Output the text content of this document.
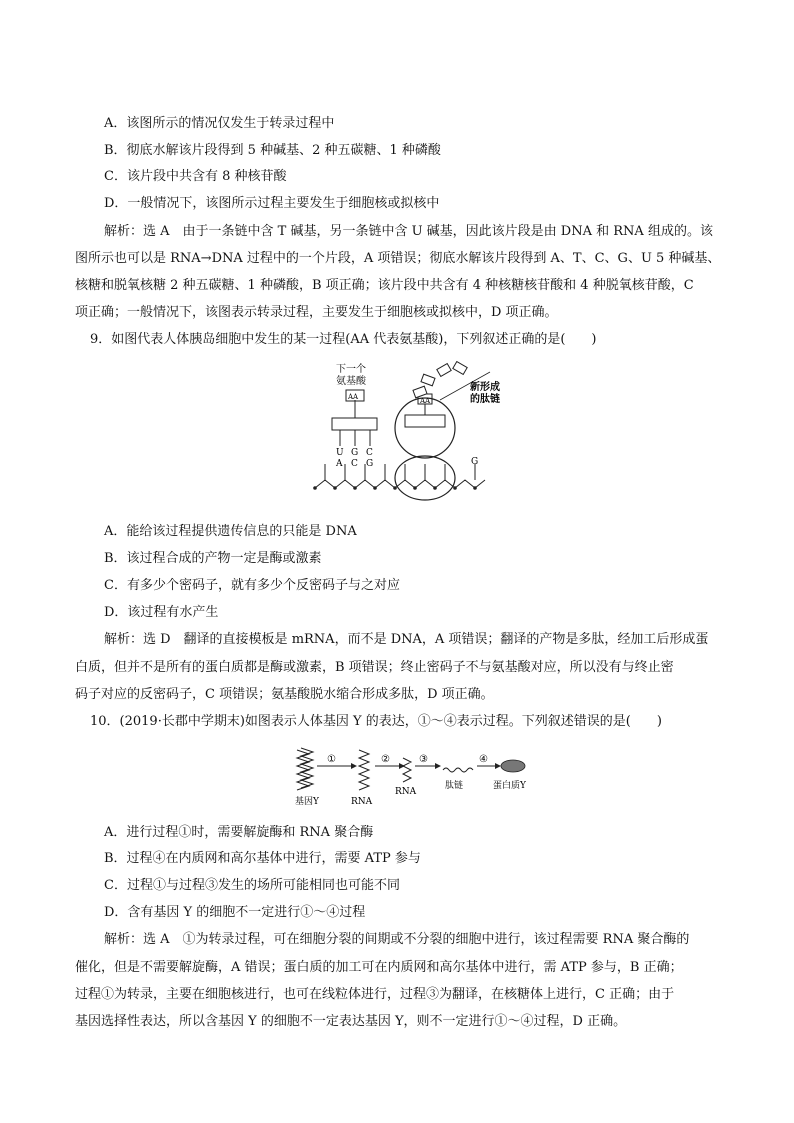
A．该图所示的情况仅发生于转录过程中
B．彻底水解该片段得到 5 种碱基、2 种五碳糖、1 种磷酸
C．该片段中共含有 8 种核苷酸
D．一般情况下，该图所示过程主要发生于细胞核或拟核中
解析：选 A　由于一条链中含 T 碱基，另一条链中含 U 碱基，因此该片段是由 DNA 和 RNA 组成的。该
图所示也可以是 RNA→DNA 过程中的一个片段，A 项错误；彻底水解该片段得到 A、T、C、G、U 5 种碱基、
核糖和脱氧核糖 2 种五碳糖、1 种磷酸，B 项正确；该片段中共含有 4 种核糖核苷酸和 4 种脱氧核苷酸，C
项正确；一般情况下，该图表示转录过程，主要发生于细胞核或拟核中，D 项正确。
9．如图代表人体胰岛细胞中发生的某一过程(AA 代表氨基酸)，下列叙述正确的是(　　)
下一个
氨基酸
AA	AA
新形成
的肽链
U G C
A C G	G
A．能给该过程提供遗传信息的只能是 DNA
B．该过程合成的产物一定是酶或激素
C．有多少个密码子，就有多少个反密码子与之对应
D．该过程有水产生
解析：选 D　翻译的直接模板是 mRNA，而不是 DNA，A 项错误；翻译的产物是多肽，经加工后形成蛋
白质，但并不是所有的蛋白质都是酶或激素，B 项错误；终止密码子不与氨基酸对应，所以没有与终止密
码子对应的反密码子，C 项错误；氨基酸脱水缩合形成多肽，D 项正确。
10．(2019·长郡中学期末)如图表示人体基因 Y 的表达，①～④表示过程。下列叙述错误的是(　　)
①	②	③	④
基因Y	RNA
RNA
肽链	蛋白质Y
A．进行过程①时，需要解旋酶和 RNA 聚合酶
B．过程④在内质网和高尔基体中进行，需要 ATP 参与
C．过程①与过程③发生的场所可能相同也可能不同
D．含有基因 Y 的细胞不一定进行①～④过程
解析：选 A　①为转录过程，可在细胞分裂的间期或不分裂的细胞中进行，该过程需要 RNA 聚合酶的
催化，但是不需要解旋酶，A 错误；蛋白质的加工可在内质网和高尔基体中进行，需 ATP 参与，B 正确；
过程①为转录，主要在细胞核进行，也可在线粒体进行，过程③为翻译，在核糖体上进行，C 正确；由于
基因选择性表达，所以含基因 Y 的细胞不一定表达基因 Y，则不一定进行①～④过程，D 正确。
